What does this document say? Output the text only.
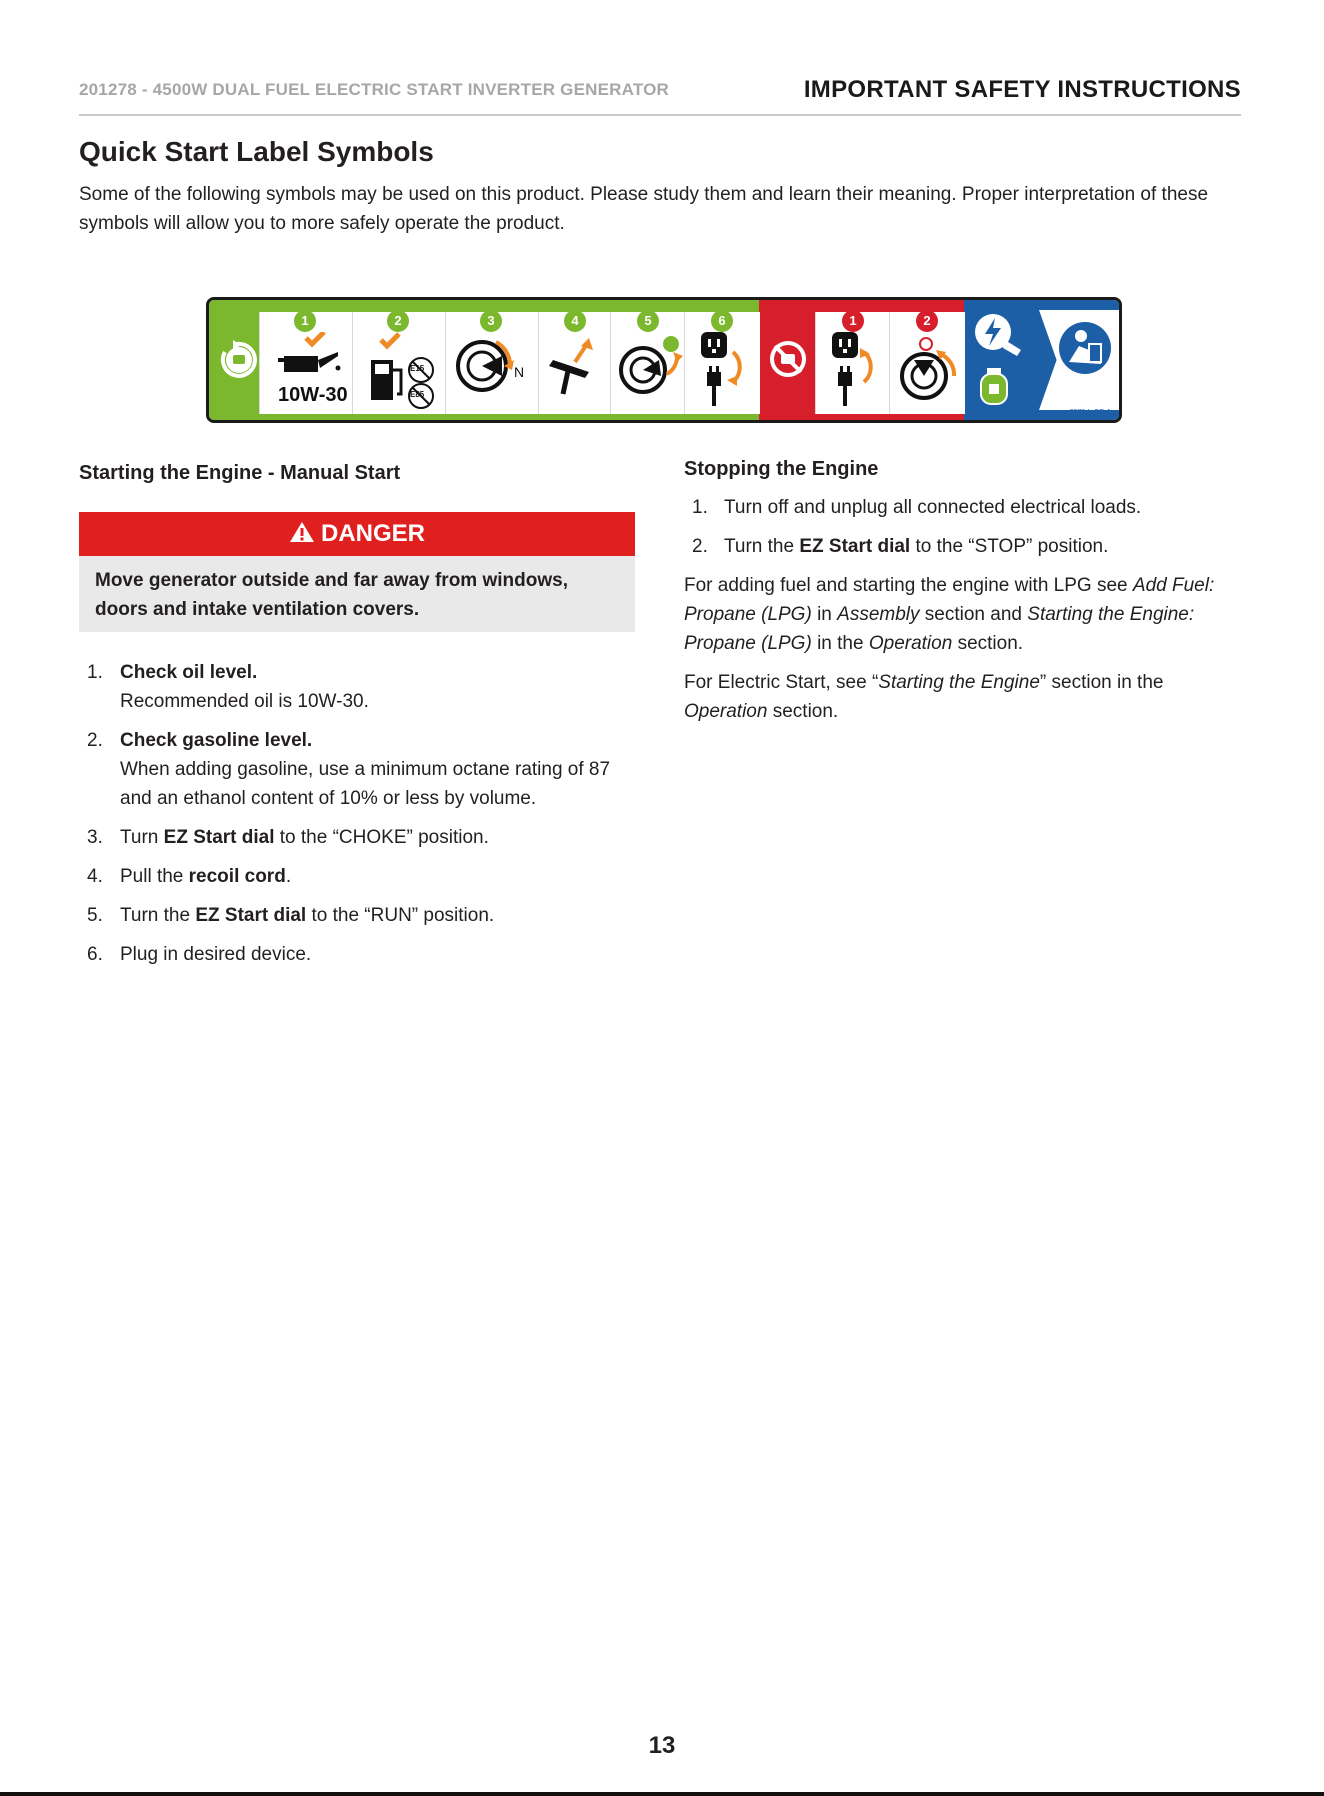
201278 - 4500W DUAL FUEL ELECTRIC START INVERTER GENERATOR	IMPORTANT SAFETY INSTRUCTIONS
Quick Start Label Symbols
Some of the following symbols may be used on this product. Please study them and learn their meaning. Proper interpretation of these symbols will allow you to more safely operate the product.
1
10W-30
2
E15
E85
3
N
4	5	6	1	2
3978-L-OP-A
Starting the Engine - Manual Start
DANGER
Move generator outside and far away from windows, doors and intake ventilation covers.
1. Check oil level.
Recommended oil is 10W-30.
2. Check gasoline level.
When adding gasoline, use a minimum octane rating of 87 and an ethanol content of 10% or less by volume.
3. Turn EZ Start dial to the “CHOKE” position.
4. Pull the recoil cord.
5. Turn the EZ Start dial to the “RUN” position.
6. Plug in desired device.
Stopping the Engine
1. Turn off and unplug all connected electrical loads.
2. Turn the EZ Start dial to the “STOP” position.

For adding fuel and starting the engine with LPG see Add Fuel: Propane (LPG) in Assembly section and Starting the Engine: Propane (LPG) in the Operation section.

For Electric Start, see “Starting the Engine” section in the Operation section.

13
